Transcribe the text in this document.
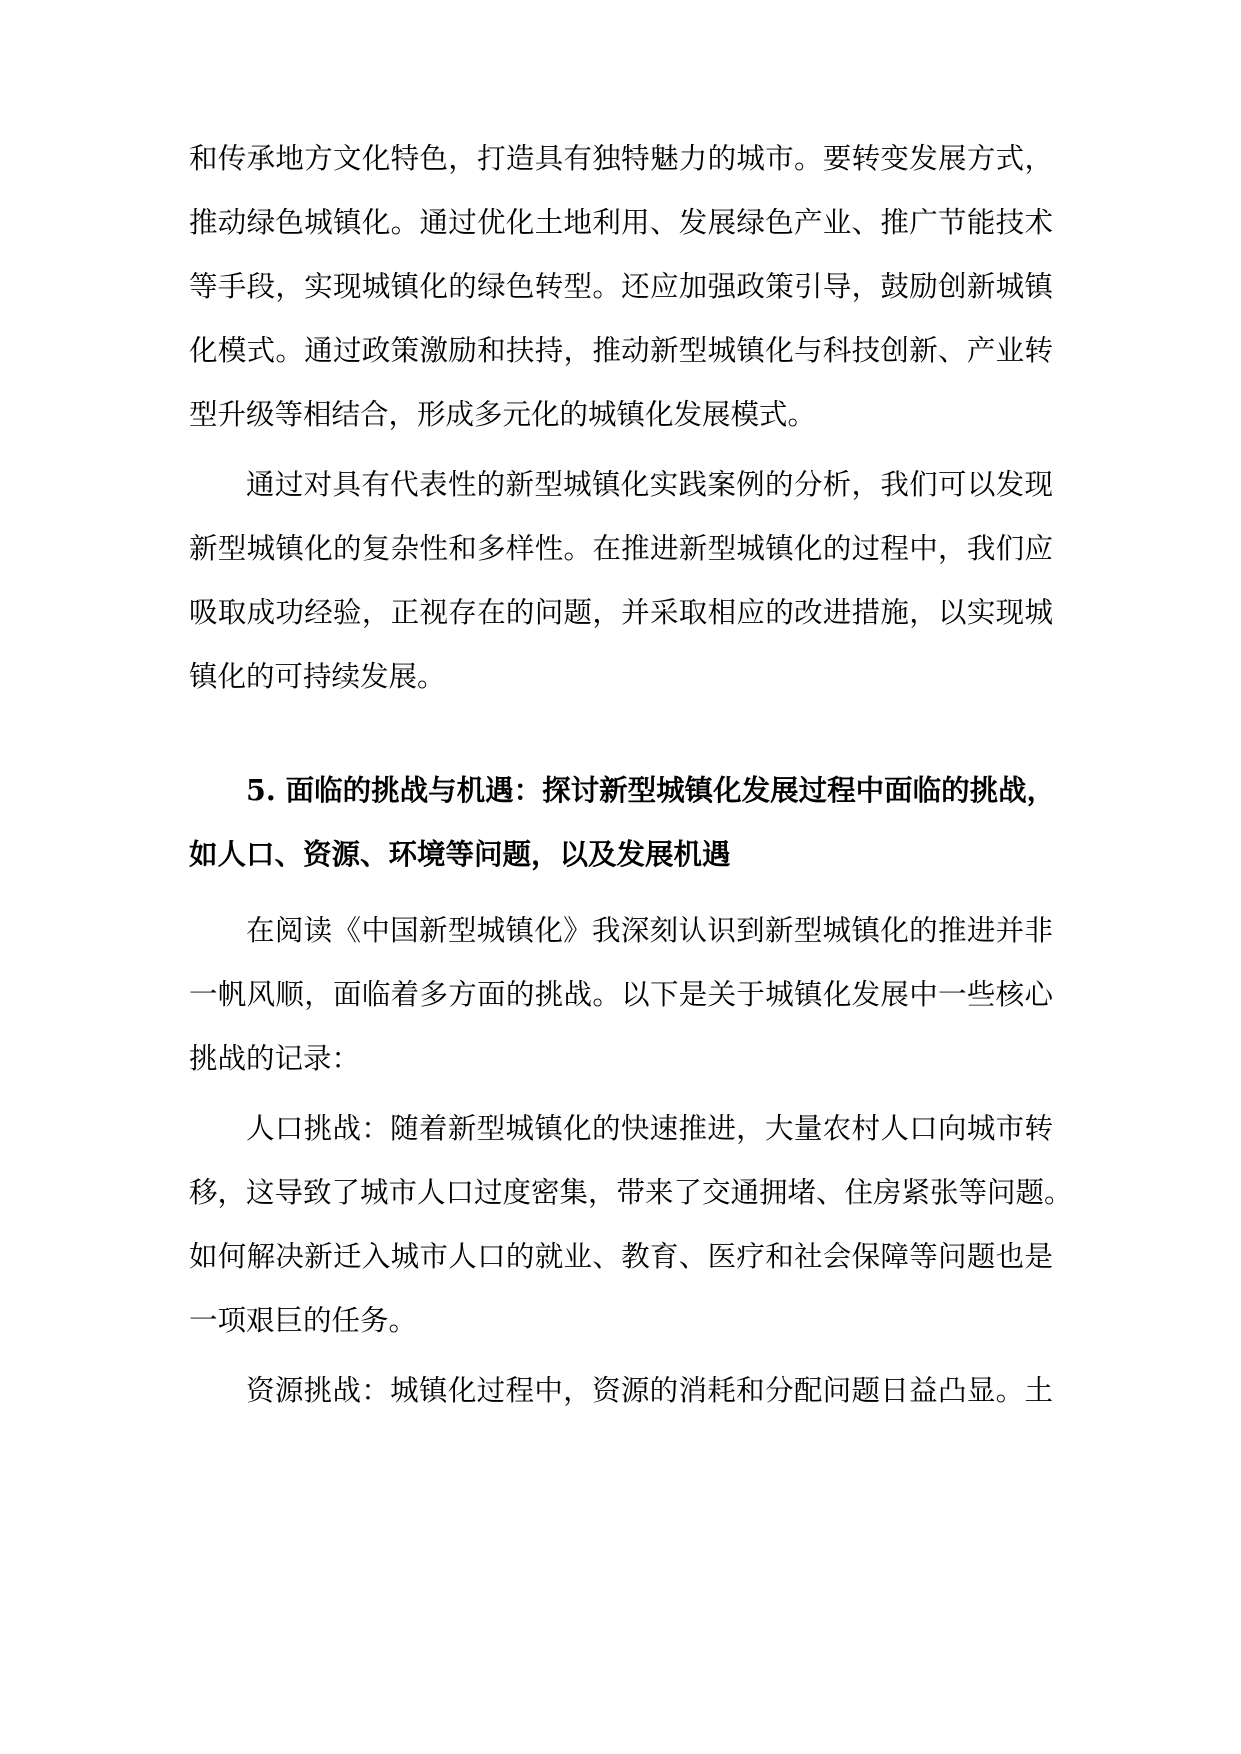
和传承地方文化特色，打造具有独特魅力的城市。要转变发展方式，

推动绿色城镇化。通过优化土地利用、发展绿色产业、推广节能技术

等手段，实现城镇化的绿色转型。还应加强政策引导，鼓励创新城镇

化模式。通过政策激励和扶持，推动新型城镇化与科技创新、产业转

型升级等相结合，形成多元化的城镇化发展模式。

通过对具有代表性的新型城镇化实践案例的分析，我们可以发现

新型城镇化的复杂性和多样性。在推进新型城镇化的过程中，我们应

吸取成功经验，正视存在的问题，并采取相应的改进措施，以实现城

镇化的可持续发展。

5. 面临的挑战与机遇：探讨新型城镇化发展过程中面临的挑战，

如人口、资源、环境等问题，以及发展机遇

在阅读《中国新型城镇化》我深刻认识到新型城镇化的推进并非

一帆风顺，面临着多方面的挑战。以下是关于城镇化发展中一些核心

挑战的记录：

人口挑战：随着新型城镇化的快速推进，大量农村人口向城市转

移，这导致了城市人口过度密集，带来了交通拥堵、住房紧张等问题。

如何解决新迁入城市人口的就业、教育、医疗和社会保障等问题也是

一项艰巨的任务。

资源挑战：城镇化过程中，资源的消耗和分配问题日益凸显。土
